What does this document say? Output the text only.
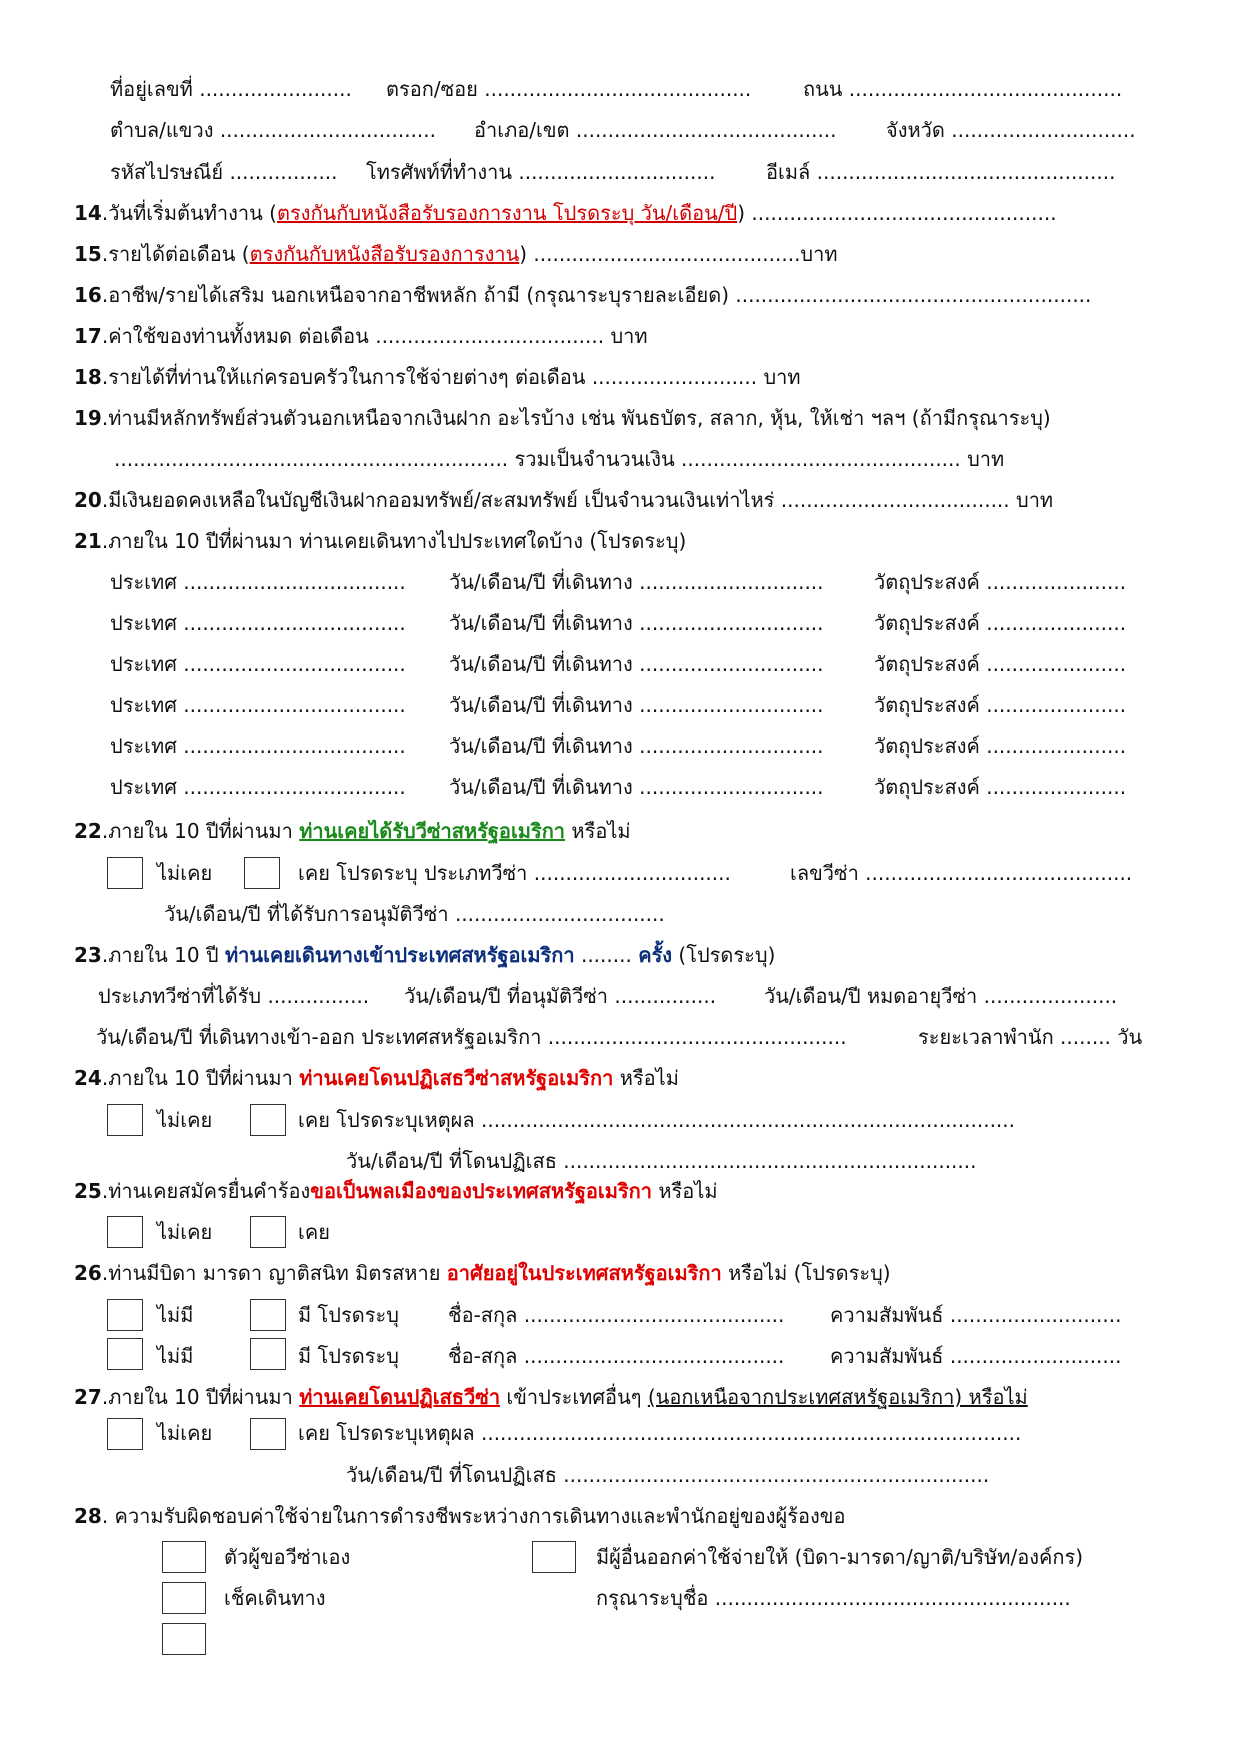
ที่อยู่เลขที่ ........................ ตรอก/ซอย ..........................................	ถนน ...........................................
ตำบล/แขวง .................................. อำเภอ/เขต ......................................... จังหวัด .............................
รหัสไปรษณีย์ ................. โทรศัพท์ที่ทำงาน ...............................	อีเมล์ ...............................................
14.วันที่เริ่มต้นทำงาน (ตรงกันกับหนังสือรับรองการงาน โปรดระบุ วัน/เดือน/ปี) ................................................
15.รายได้ต่อเดือน (ตรงกันกับหนังสือรับรองการงาน) ..........................................บาท
16.อาชีพ/รายได้เสริม นอกเหนือจากอาชีพหลัก ถ้ามี (กรุณาระบุรายละเอียด) ........................................................
17.ค่าใช้ของท่านทั้งหมด ต่อเดือน .................................... บาท
18.รายได้ที่ท่านให้แก่ครอบครัวในการใช้จ่ายต่างๆ ต่อเดือน .......................... บาท
19.ท่านมีหลักทรัพย์ส่วนตัวนอกเหนือจากเงินฝาก อะไรบ้าง เช่น พันธบัตร, สลาก, หุ้น, ให้เช่า ฯลฯ (ถ้ามีกรุณาระบุ)
.............................................................. รวมเป็นจำนวนเงิน ............................................ บาท
20.มีเงินยอดคงเหลือในบัญชีเงินฝากออมทรัพย์/สะสมทรัพย์ เป็นจำนวนเงินเท่าไหร่ .................................... บาท
21.ภายใน 10 ปีที่ผ่านมา ท่านเคยเดินทางไปประเทศใดบ้าง (โปรดระบุ)
ประเทศ ................................... วัน/เดือน/ปี ที่เดินทาง .............................	วัตถุประสงค์ ......................
ประเทศ ................................... วัน/เดือน/ปี ที่เดินทาง .............................	วัตถุประสงค์ ......................
ประเทศ ................................... วัน/เดือน/ปี ที่เดินทาง .............................	วัตถุประสงค์ ......................
ประเทศ ................................... วัน/เดือน/ปี ที่เดินทาง .............................	วัตถุประสงค์ ......................
ประเทศ ................................... วัน/เดือน/ปี ที่เดินทาง .............................	วัตถุประสงค์ ......................
ประเทศ ................................... วัน/เดือน/ปี ที่เดินทาง .............................	วัตถุประสงค์ ......................
22.ภายใน 10 ปีที่ผ่านมา ท่านเคยได้รับวีซ่าสหรัฐอเมริกา หรือไม่
ไม่เคย	เคย โปรดระบุ ประเภทวีซ่า ...............................	เลขวีซ่า ..........................................
วัน/เดือน/ปี ที่ได้รับการอนุมัติวีซ่า .................................
23.ภายใน 10 ปี ท่านเคยเดินทางเข้าประเทศสหรัฐอเมริกา ........ ครั้ง (โปรดระบุ)
ประเภทวีซ่าที่ได้รับ ................ วัน/เดือน/ปี ที่อนุมัติวีซ่า ................ วัน/เดือน/ปี หมดอายุวีซ่า .....................
วัน/เดือน/ปี ที่เดินทางเข้า-ออก ประเทศสหรัฐอเมริกา ...............................................	ระยะเวลาพำนัก ........ วัน
24.ภายใน 10 ปีที่ผ่านมา ท่านเคยโดนปฏิเสธวีซ่าสหรัฐอเมริกา หรือไม่
ไม่เคย	เคย โปรดระบุเหตุผล ....................................................................................
วัน/เดือน/ปี ที่โดนปฏิเสธ .................................................................
25.ท่านเคยสมัครยื่นคำร้องขอเป็นพลเมืองของประเทศสหรัฐอเมริกา หรือไม่
ไม่เคย	เคย
26.ท่านมีบิดา มารดา ญาติสนิท มิตรสหาย อาศัยอยู่ในประเทศสหรัฐอเมริกา หรือไม่ (โปรดระบุ)
ไม่มี	มี โปรดระบุ ชื่อ-สกุล ......................................... ความสัมพันธ์ ...........................
ไม่มี	มี โปรดระบุ ชื่อ-สกุล ......................................... ความสัมพันธ์ ...........................
27.ภายใน 10 ปีที่ผ่านมา ท่านเคยโดนปฏิเสธวีซ่า เข้าประเทศอื่นๆ (นอกเหนือจากประเทศสหรัฐอเมริกา) หรือไม่
ไม่เคย	เคย โปรดระบุเหตุผล .....................................................................................
วัน/เดือน/ปี ที่โดนปฏิเสธ ...................................................................
28. ความรับผิดชอบค่าใช้จ่ายในการดำรงชีพระหว่างการเดินทางและพำนักอยู่ของผู้ร้องขอ
ตัวผู้ขอวีซ่าเอง	มีผู้อื่นออกค่าใช้จ่ายให้ (บิดา-มารดา/ญาติ/บริษัท/องค์กร)
เช็คเดินทาง	กรุณาระบุชื่อ ........................................................
